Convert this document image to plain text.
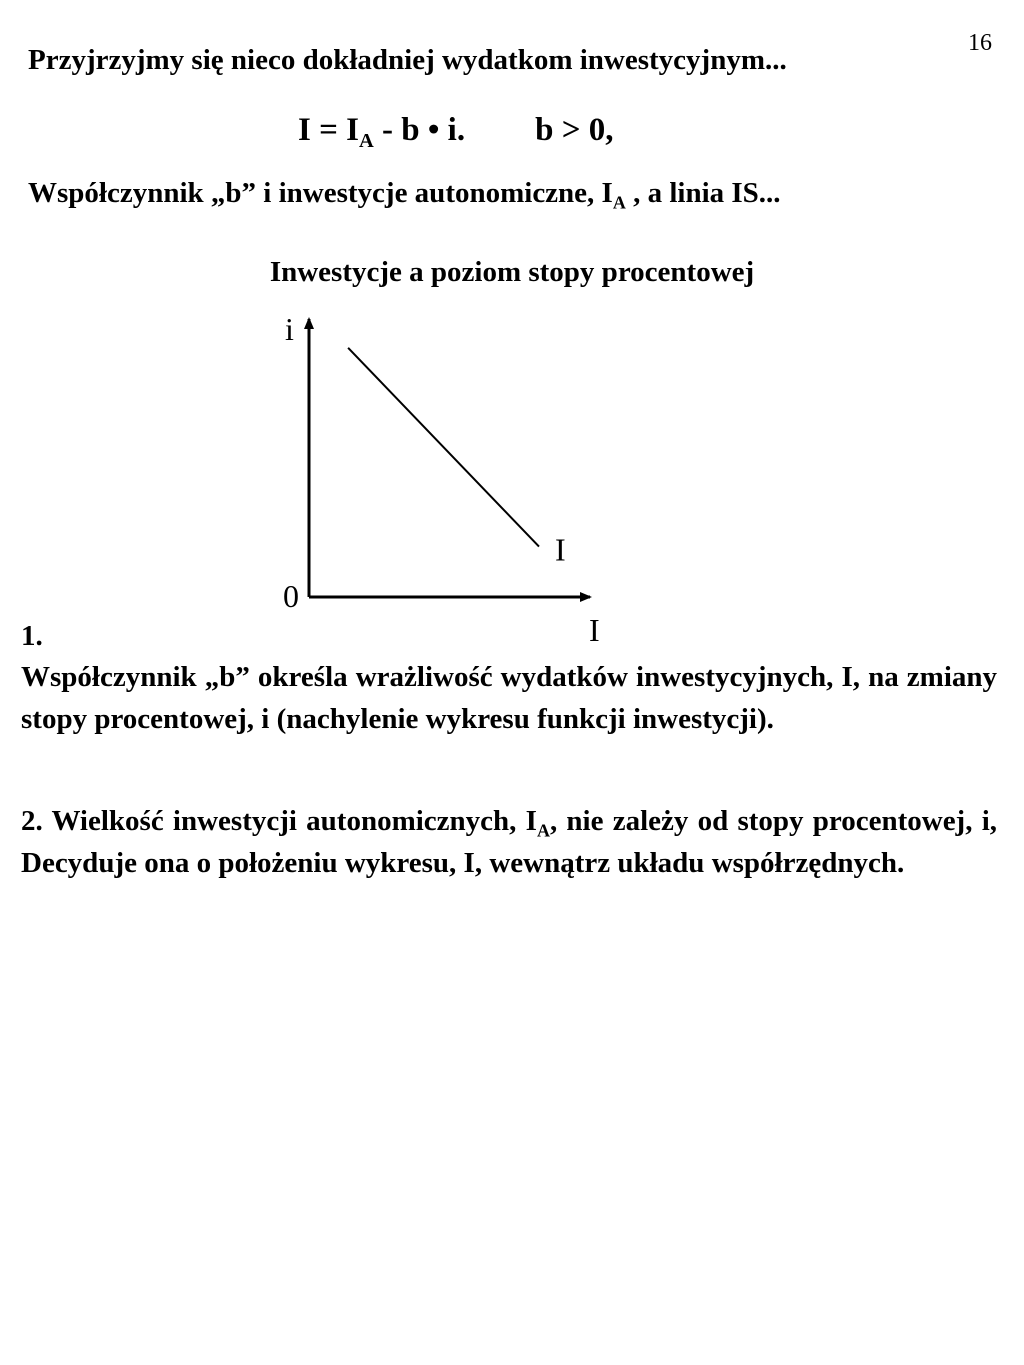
16
Przyjrzyjmy się nieco dokładniej wydatkom inwestycyjnym...
$I = I_A - b$ • i. b > 0,
Współczynnik „b” i inwestycje autonomiczne, $I_A$ , a linia IS...
Inwestycje a poziom stopy procentowej
I
i
I
0
1.
Współczynnik „b” określa wrażliwość wydatków inwestycyjnych, I, na zmiany stopy procentowej, i (nachylenie wykresu funkcji inwestycji).
2. Wielkość inwestycji autonomicznych, $I_A$, nie zależy od stopy procentowej, i, Decyduje ona o położeniu wykresu, I, wewnątrz układu współrzędnych.
